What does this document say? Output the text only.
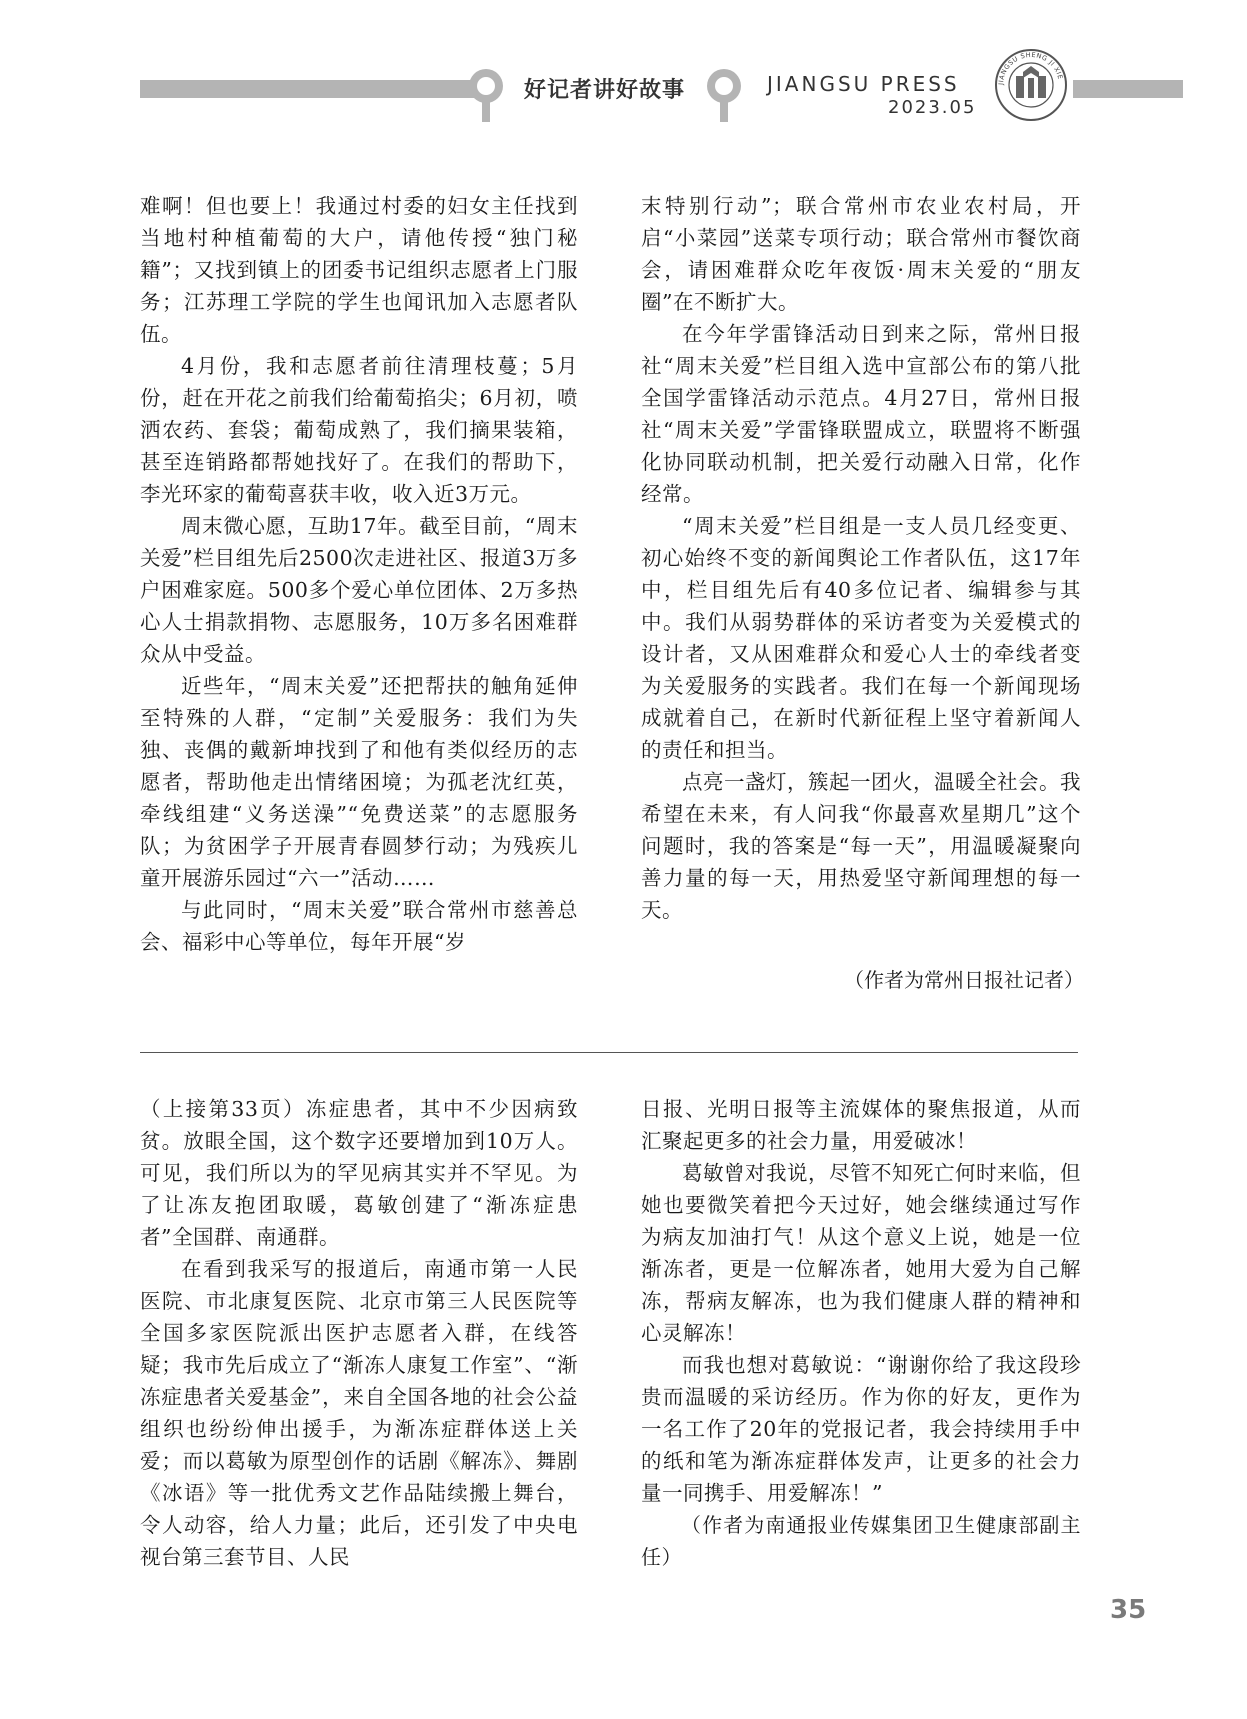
好记者讲好故事	JIANGSU PRESS
2023.05
JIANGSU SHENG JI XIE

难啊！但也要上！我通过村委的妇女主任找到当地村种植葡萄的大户，请他传授“独门秘籍”；又找到镇上的团委书记组织志愿者上门服务；江苏理工学院的学生也闻讯加入志愿者队伍。

4月份，我和志愿者前往清理枝蔓；5月份，赶在开花之前我们给葡萄掐尖；6月初，喷洒农药、套袋；葡萄成熟了，我们摘果装箱，甚至连销路都帮她找好了。在我们的帮助下，李光环家的葡萄喜获丰收，收入近3万元。

周末微心愿，互助17年。截至目前，“周末关爱”栏目组先后2500次走进社区、报道3万多户困难家庭。500多个爱心单位团体、2万多热心人士捐款捐物、志愿服务，10万多名困难群众从中受益。

近些年，“周末关爱”还把帮扶的触角延伸至特殊的人群，“定制”关爱服务：我们为失独、丧偶的戴新坤找到了和他有类似经历的志愿者，帮助他走出情绪困境；为孤老沈红英，牵线组建“义务送澡”“免费送菜”的志愿服务队；为贫困学子开展青春圆梦行动；为残疾儿童开展游乐园过“六一”活动……

与此同时，“周末关爱”联合常州市慈善总会、福彩中心等单位，每年开展“岁

末特别行动”；联合常州市农业农村局，开启“小菜园”送菜专项行动；联合常州市餐饮商会，请困难群众吃年夜饭·周末关爱的“朋友圈”在不断扩大。

在今年学雷锋活动日到来之际，常州日报社“周末关爱”栏目组入选中宣部公布的第八批全国学雷锋活动示范点。4月27日，常州日报社“周末关爱”学雷锋联盟成立，联盟将不断强化协同联动机制，把关爱行动融入日常，化作经常。

“周末关爱”栏目组是一支人员几经变更、初心始终不变的新闻舆论工作者队伍，这17年中，栏目组先后有40多位记者、编辑参与其中。我们从弱势群体的采访者变为关爱模式的设计者，又从困难群众和爱心人士的牵线者变为关爱服务的实践者。我们在每一个新闻现场成就着自己，在新时代新征程上坚守着新闻人的责任和担当。

点亮一盏灯，簇起一团火，温暖全社会。我希望在未来，有人问我“你最喜欢星期几”这个问题时，我的答案是“每一天”，用温暖凝聚向善力量的每一天，用热爱坚守新闻理想的每一天。

（作者为常州日报社记者）

（上接第33页）冻症患者，其中不少因病致贫。放眼全国，这个数字还要增加到10万人。可见，我们所以为的罕见病其实并不罕见。为了让冻友抱团取暖，葛敏创建了“渐冻症患者”全国群、南通群。

在看到我采写的报道后，南通市第一人民医院、市北康复医院、北京市第三人民医院等全国多家医院派出医护志愿者入群，在线答疑；我市先后成立了“渐冻人康复工作室”、“渐冻症患者关爱基金”，来自全国各地的社会公益组织也纷纷伸出援手，为渐冻症群体送上关爱；而以葛敏为原型创作的话剧《解冻》、舞剧《冰语》等一批优秀文艺作品陆续搬上舞台，令人动容，给人力量；此后，还引发了中央电视台第三套节目、人民

日报、光明日报等主流媒体的聚焦报道，从而汇聚起更多的社会力量，用爱破冰！

葛敏曾对我说，尽管不知死亡何时来临，但她也要微笑着把今天过好，她会继续通过写作为病友加油打气！从这个意义上说，她是一位渐冻者，更是一位解冻者，她用大爱为自己解冻，帮病友解冻，也为我们健康人群的精神和心灵解冻！

而我也想对葛敏说：“谢谢你给了我这段珍贵而温暖的采访经历。作为你的好友，更作为一名工作了20年的党报记者，我会持续用手中的纸和笔为渐冻症群体发声，让更多的社会力量一同携手、用爱解冻！”

（作者为南通报业传媒集团卫生健康部副主任）

35
